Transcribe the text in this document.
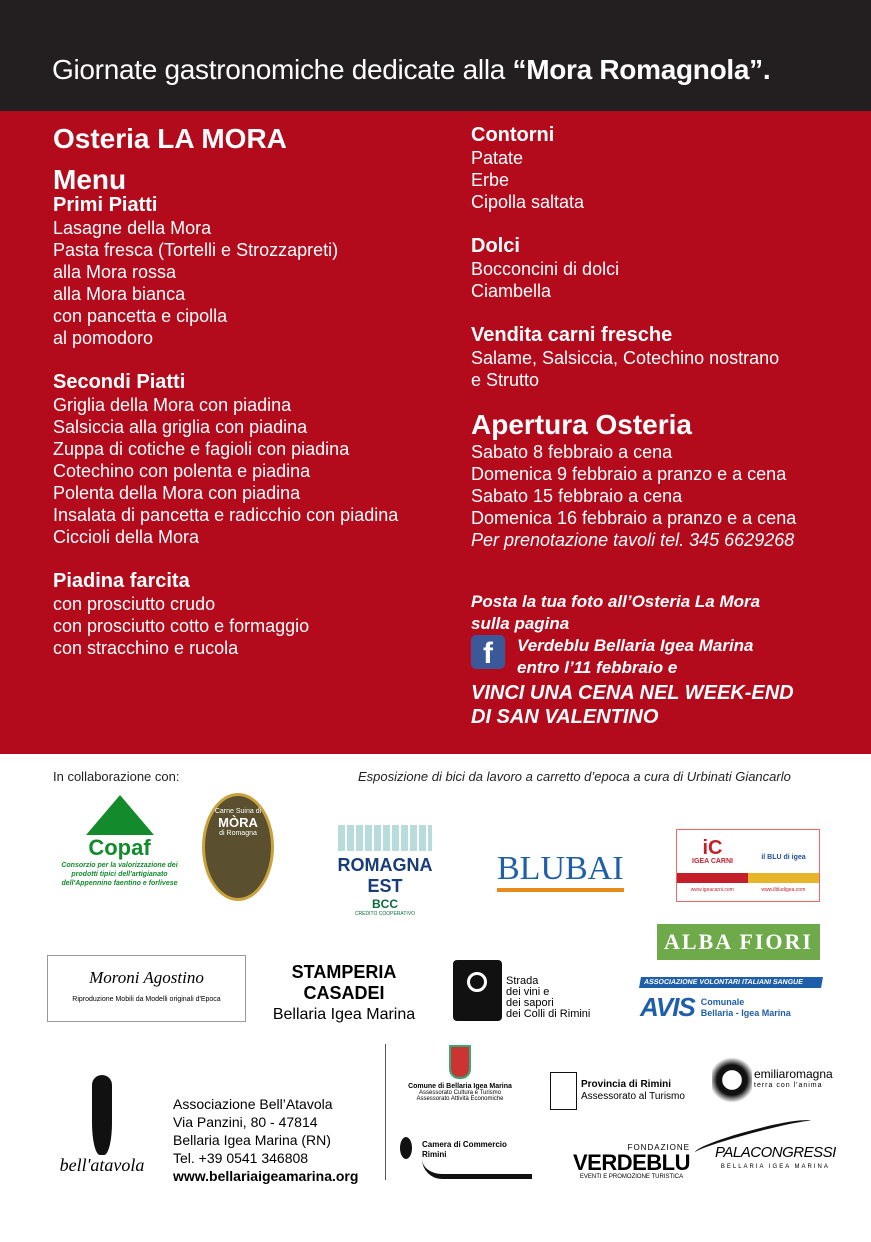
Giornate gastronomiche dedicate alla “Mora Romagnola”.
Osteria LA MORA
Menu
Primi Piatti
Lasagne della Mora
Pasta fresca (Tortelli e Strozzapreti)
alla Mora rossa
alla Mora bianca
con pancetta e cipolla
al pomodoro
Secondi Piatti
Griglia della Mora con piadina
Salsiccia alla griglia con piadina
Zuppa di cotiche e fagioli con piadina
Cotechino con polenta e piadina
Polenta della Mora con piadina
Insalata di pancetta e radicchio con piadina
Ciccioli della Mora
Piadina farcita
con prosciutto crudo
con prosciutto cotto e formaggio
con stracchino e rucola
Contorni
Patate
Erbe
Cipolla saltata
Dolci
Bocconcini di dolci
Ciambella
Vendita carni fresche
Salame, Salsiccia, Cotechino nostrano
e Strutto
Apertura Osteria
Sabato 8 febbraio a cena
Domenica 9 febbraio a pranzo e a cena
Sabato 15 febbraio a cena
Domenica 16 febbraio a pranzo e a cena
Per prenotazione tavoli tel. 345 6629268
Posta la tua foto all’Osteria La Mora
sulla pagina
f	Verdeblu Bellaria Igea Marina
entro l’11 febbraio e
VINCI UNA CENA NEL WEEK-END
DI SAN VALENTINO
In collaborazione con:	Esposizione di bici da lavoro a carretto d’epoca a cura di Urbinati Giancarlo
Copaf
Consorzio per la valorizzazione dei prodotti tipici dell'artigianato dell'Appennino faentino e forlivese
Carne Suina di
MÒRA
di Romagna
ROMAGNA EST
BCC
CREDITO COOPERATIVO
BLUBAI
iC
IGEA CARNI
il BLU di igea
www.igeacarni.com	www.ilbludigea.com
ALBA FIORI
Moroni Agostino
Riproduzione Mobili da Modelli originali d'Epoca
STAMPERIA
CASADEI
Bellaria Igea Marina
Strada
dei vini e
dei sapori
dei Colli di Rimini
ASSOCIAZIONE VOLONTARI ITALIANI SANGUE
AVIS Comunale
Bellaria - Igea Marina
bell'atavola
Associazione Bell’Atavola
Via Panzini, 80 - 47814
Bellaria Igea Marina (RN)
Tel. +39 0541 346808
www.bellariaigeamarina.org
Comune di Bellaria Igea Marina
Assessorato Cultura e Turismo
Assessorato Attività Economiche
Provincia di Rimini
Assessorato al Turismo
emiliaromagna
terra con l'anima
Camera di Commercio
Rimini
FONDAZIONE
VERDEBLU
EVENTI E PROMOZIONE TURISTICA
PALACONGRESSI
BELLARIA IGEA MARINA
